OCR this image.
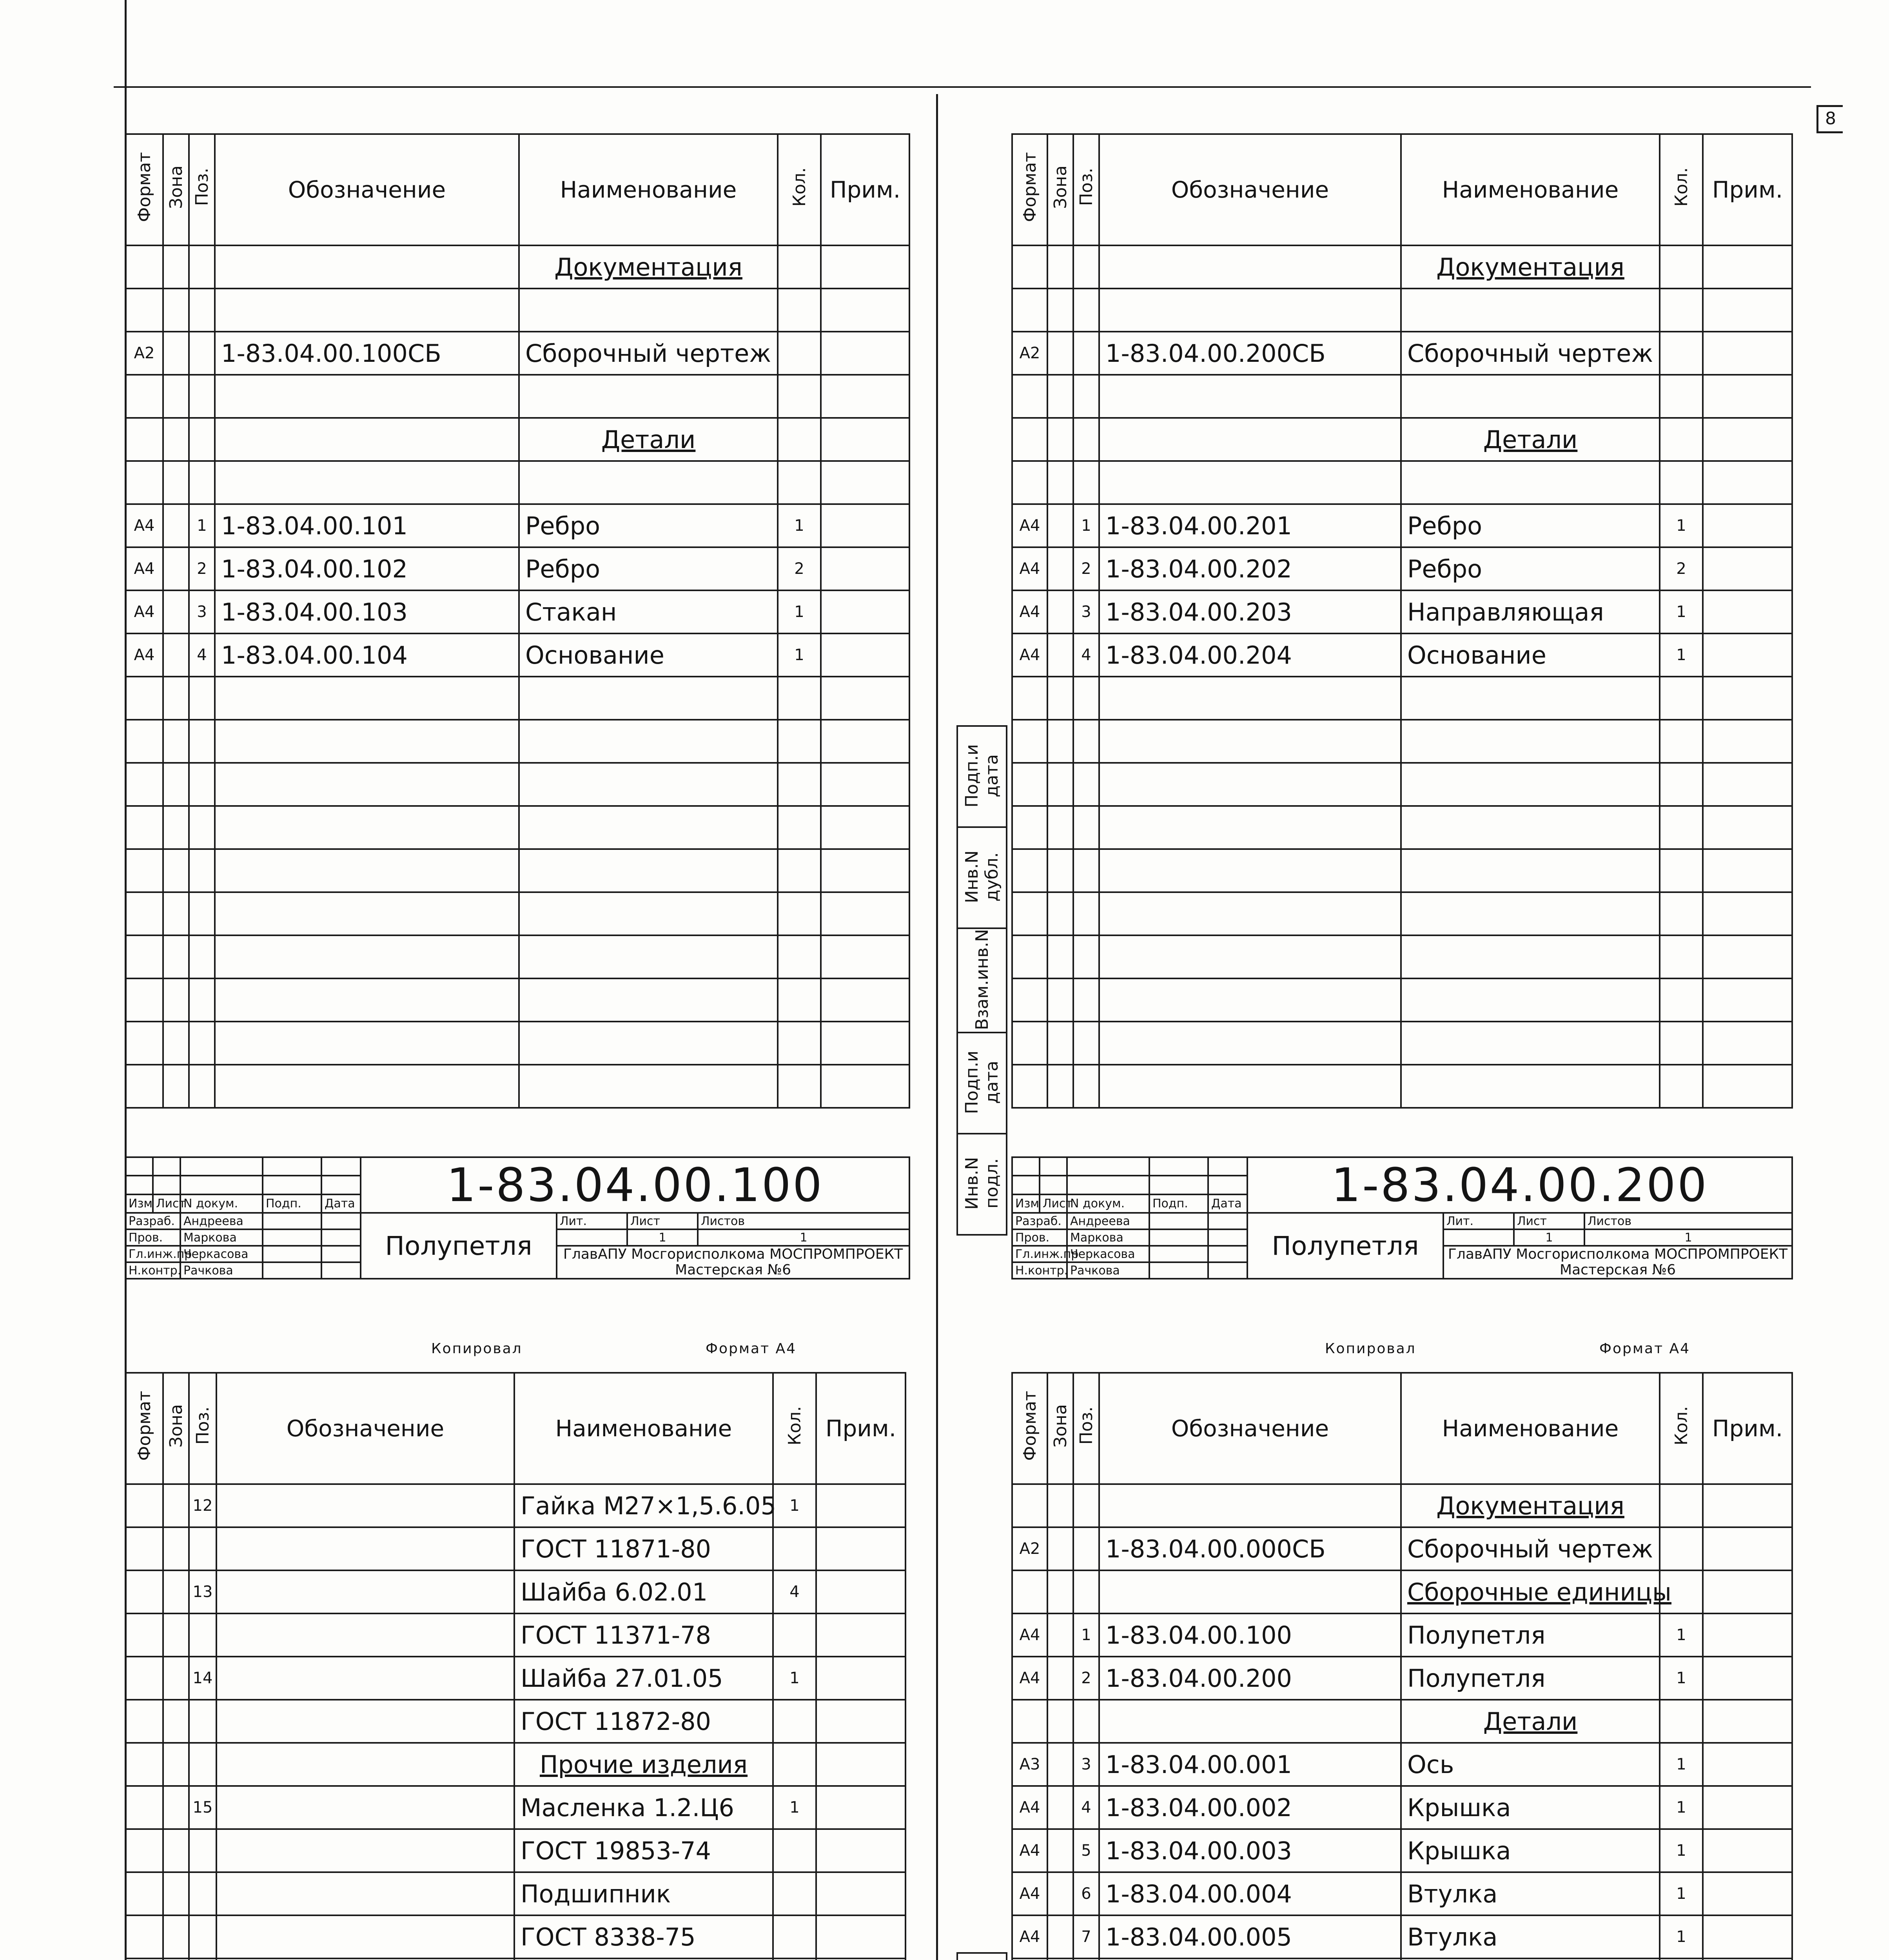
8
Формат	Зона	Поз.	Обозначение	Наименование	Кол.	Прим.
				Документация		

А2			1-83.04.00.100СБ	Сборочный чертеж		

				Детали		

А4		1	1-83.04.00.101	Ребро	1	
А4		2	1-83.04.00.102	Ребро	2	
А4		3	1-83.04.00.103	Стакан	1	
А4		4	1-83.04.00.104	Основание	1	

					1-83.04.00.100			

Изм	Лист	N докум.	Подп.	Дата				
Разраб.		Андреева			Полупетля	Лит.	Лист	Листов
Пров.		Маркова					1	1
Гл.инж.пр		Черкасова				ГлавАПУ Мосгорисполкома МОСПРОМПРОЕКТ Мастерская №6		
Н.контр.		Рачкова						
Копировал	Формат А4
Формат	Зона	Поз.	Обозначение	Наименование	Кол.	Прим.
				Документация		

А2			1-83.04.00.200СБ	Сборочный чертеж		

				Детали		

А4		1	1-83.04.00.201	Ребро	1	
А4		2	1-83.04.00.202	Ребро	2	
А4		3	1-83.04.00.203	Направляющая	1	
А4		4	1-83.04.00.204	Основание	1	

Подп.и дата
Инв.N дубл.
Взам.инв.N
Подп.и дата
Инв.N подл.
						1-83.04.00.200			

Изм	Лист	N докум.	Подп.	Дата				
Разраб.		Андреева			Полупетля	Лит.	Лист	Листов
Пров.		Маркова					1	1
Гл.инж.пр		Черкасова				ГлавАПУ Мосгорисполкома МОСПРОМПРОЕКТ Мастерская №6		
Н.контр.		Рачкова						
Копировал	Формат А4
Формат	Зона	Поз.	Обозначение	Наименование	Кол.	Прим.
		12		Гайка М27×1,5.6.05	1	
				ГОСТ 11871-80		
		13		Шайба 6.02.01	4	
				ГОСТ 11371-78		
		14		Шайба 27.01.05	1	
				ГОСТ 11872-80		
				Прочие изделия		
		15		Масленка 1.2.Ц6	1	
				ГОСТ 19853-74		
				Подшипник		
				ГОСТ 8338-75		

Формат	Зона	Поз.	Обозначение	Наименование	Кол.	Прим.
				Документация		
А2			1-83.04.00.000СБ	Сборочный чертеж		
				Сборочные единицы		
А4		1	1-83.04.00.100	Полупетля	1	
А4		2	1-83.04.00.200	Полупетля	1	
				Детали		
А3		3	1-83.04.00.001	Ось	1	
А4		4	1-83.04.00.002	Крышка	1	
А4		5	1-83.04.00.003	Крышка	1	
А4		6	1-83.04.00.004	Втулка	1	
А4		7	1-83.04.00.005	Втулка	1	
